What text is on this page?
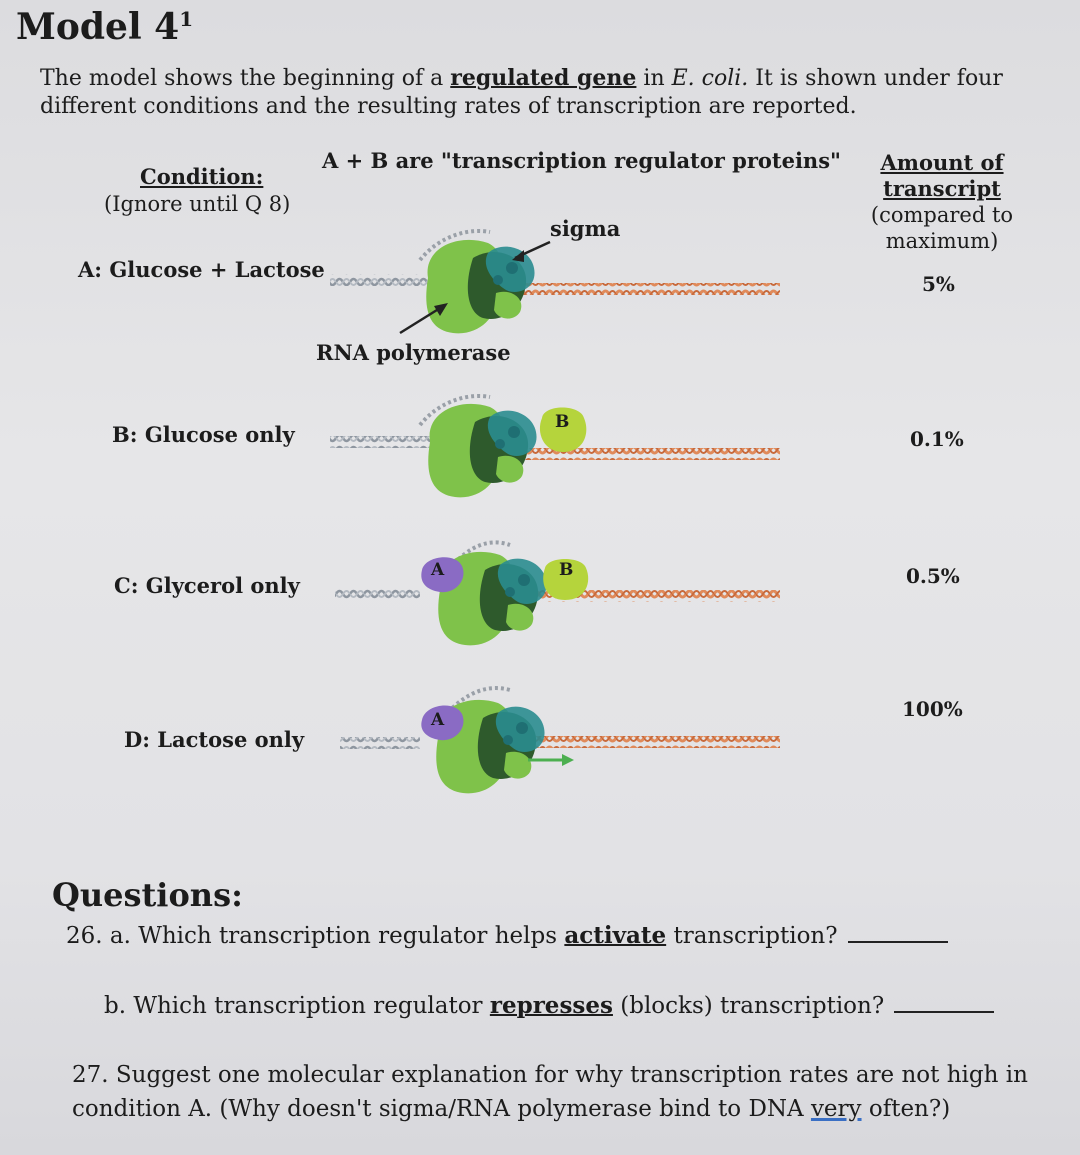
Model $4^1$
The model shows the beginning of a regulated gene in E. coli. It is shown under four different conditions and the resulting rates of transcription are reported.
Condition:
(Ignore until Q 8)
A + B are "transcription regulator proteins"	Amount of
transcript
(compared to maximum)
A: Glucose + Lactose
B: Glucose only
C: Glycerol only
D: Lactose only
5%
0.1%
0.5%
100%
sigma
RNA polymerase
B
A	B
A
Questions:
26. a. Which transcription regulator helps activate transcription?
b. Which transcription regulator represses (blocks) transcription?
27. Suggest one molecular explanation for why transcription rates are not high in condition A. (Why doesn't sigma/RNA polymerase bind to DNA very often?)
